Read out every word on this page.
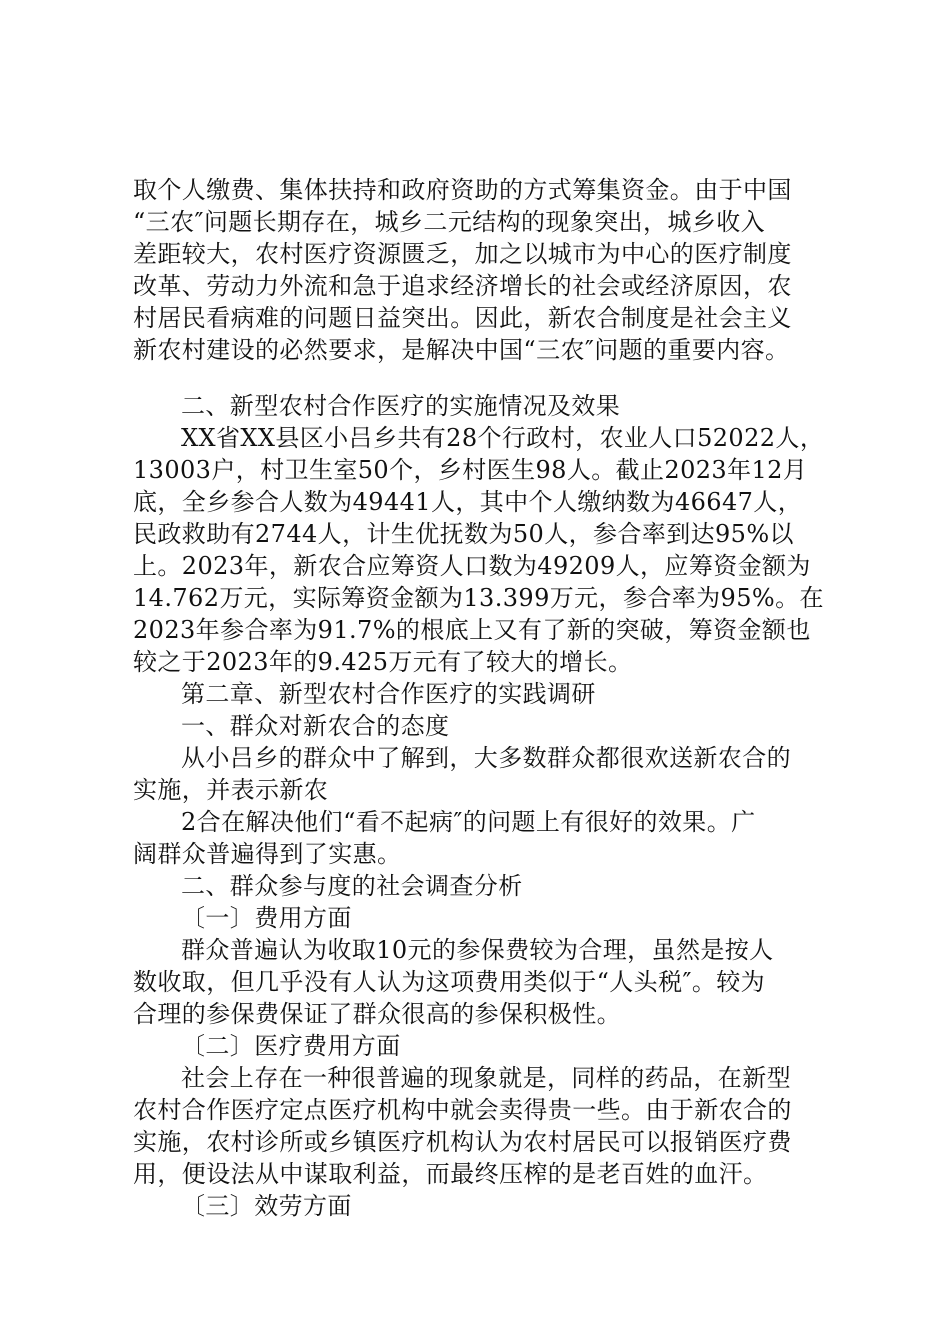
取个人缴费、集体扶持和政府资助的方式筹集资金。由于中国
“三农″问题长期存在，城乡二元结构的现象突出，城乡收入
差距较大，农村医疗资源匮乏，加之以城市为中心的医疗制度
改革、劳动力外流和急于追求经济增长的社会或经济原因，农
村居民看病难的问题日益突出。因此，新农合制度是社会主义
新农村建设的必然要求，是解决中国“三农″问题的重要内容。
二、新型农村合作医疗的实施情况及效果
XX省XX县区小吕乡共有28个行政村，农业人口52022人，
13003户，村卫生室50个，乡村医生98人。截止2023年12月
底，全乡参合人数为49441人，其中个人缴纳数为46647人，
民政救助有2744人，计生优抚数为50人，参合率到达95%以
上。2023年，新农合应筹资人口数为49209人，应筹资金额为
14.762万元，实际筹资金额为13.399万元，参合率为95%。在
2023年参合率为91.7%的根底上又有了新的突破，筹资金额也
较之于2023年的9.425万元有了较大的增长。
第二章、新型农村合作医疗的实践调研
一、群众对新农合的态度
从小吕乡的群众中了解到，大多数群众都很欢送新农合的
实施，并表示新农
2合在解决他们“看不起病″的问题上有很好的效果。广
阔群众普遍得到了实惠。
二、群众参与度的社会调查分析
〔一〕费用方面
群众普遍认为收取10元的参保费较为合理，虽然是按人
数收取，但几乎没有人认为这项费用类似于“人头税″。较为
合理的参保费保证了群众很高的参保积极性。
〔二〕医疗费用方面
社会上存在一种很普遍的现象就是，同样的药品，在新型
农村合作医疗定点医疗机构中就会卖得贵一些。由于新农合的
实施，农村诊所或乡镇医疗机构认为农村居民可以报销医疗费
用，便设法从中谋取利益，而最终压榨的是老百姓的血汗。
〔三〕效劳方面
